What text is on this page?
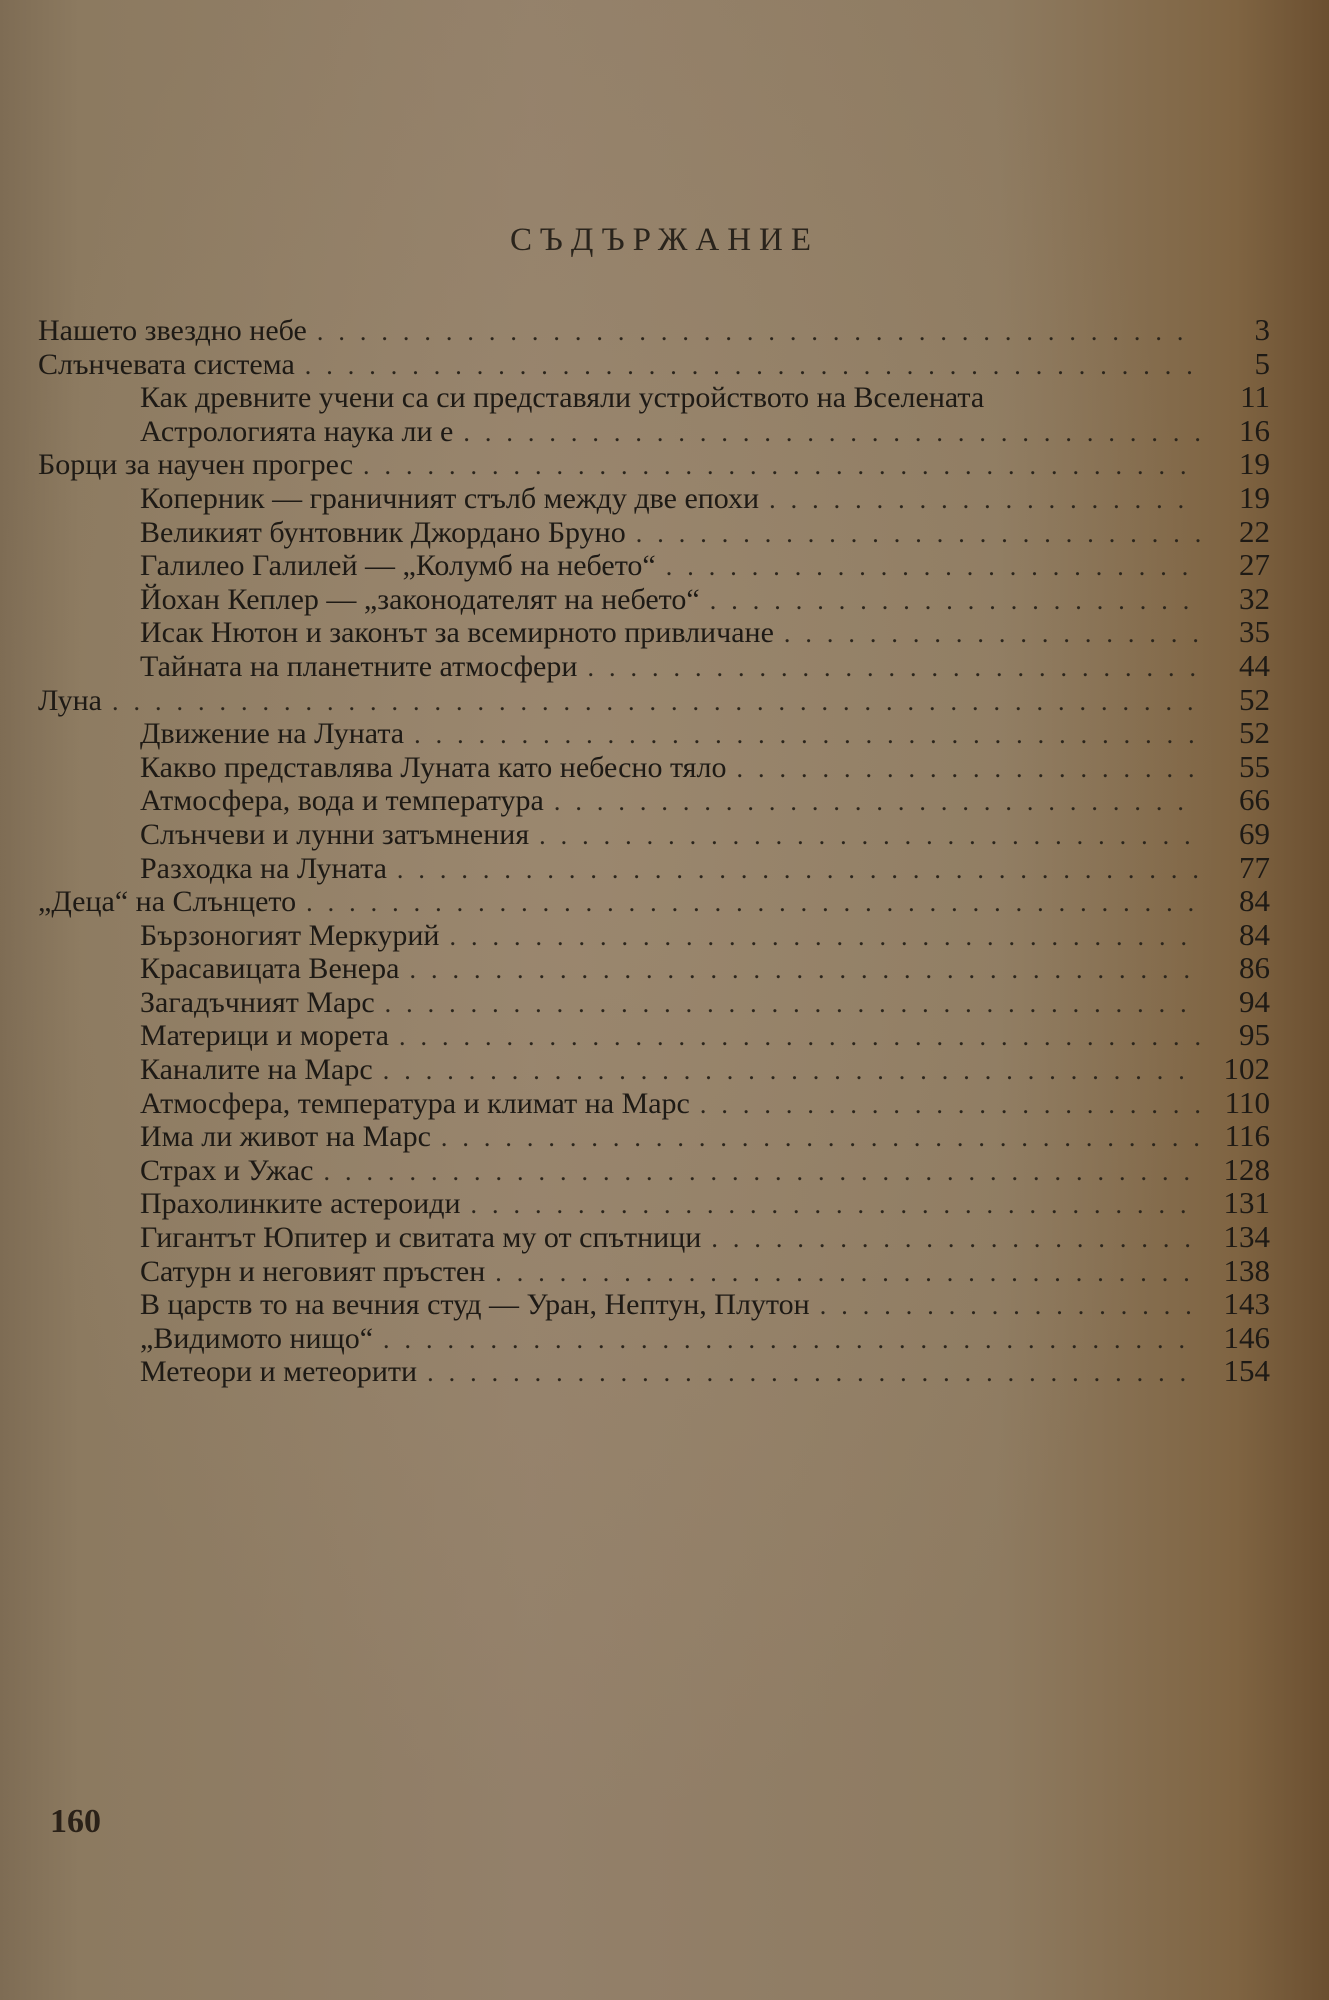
СЪДЪРЖАНИЕ
Нашето звездно небе . . .	3
Слънчевата система . . .	5
Как древните учени са си представяли устройството на Вселената	11
Астрологията наука ли е . . .	16
Борци за научен прогрес . . .	19
Коперник — граничният стълб между две епохи . . .	19
Великият бунтовник Джордано Бруно . . .	22
Галилео Галилей — „Колумб на небето“ . . .	27
Йохан Кеплер — „законодателят на небето“ . . .	32
Исак Нютон и законът за всемирното привличане . . .	35
Тайната на планетните атмосфери . . .	44
Луна . . .	52
Движение на Луната . . .	52
Какво представлява Луната като небесно тяло . . .	55
Атмосфера, вода и температура . . .	66
Слънчеви и лунни затъмнения . . .	69
Разходка на Луната . . .	77
„Деца“ на Слънцето . . .	84
Бързоногият Меркурий . . .	84
Красавицата Венера . . .	86
Загадъчният Марс . . .	94
Материци и морета . . .	95
Каналите на Марс . . .	102
Атмосфера, температура и климат на Марс . . .	110
Има ли живот на Марс . . .	116
Страх и Ужас . . .	128
Прахолинките астероиди . . .	131
Гигантът Юпитер и свитата му от спътници . . .	134
Сатурн и неговият пръстен . . .	138
В царств то на вечния студ — Уран, Нептун, Плутон . . .	143
„Видимото нищо“ . . .	146
Метеори и метеорити . . .	154
160
